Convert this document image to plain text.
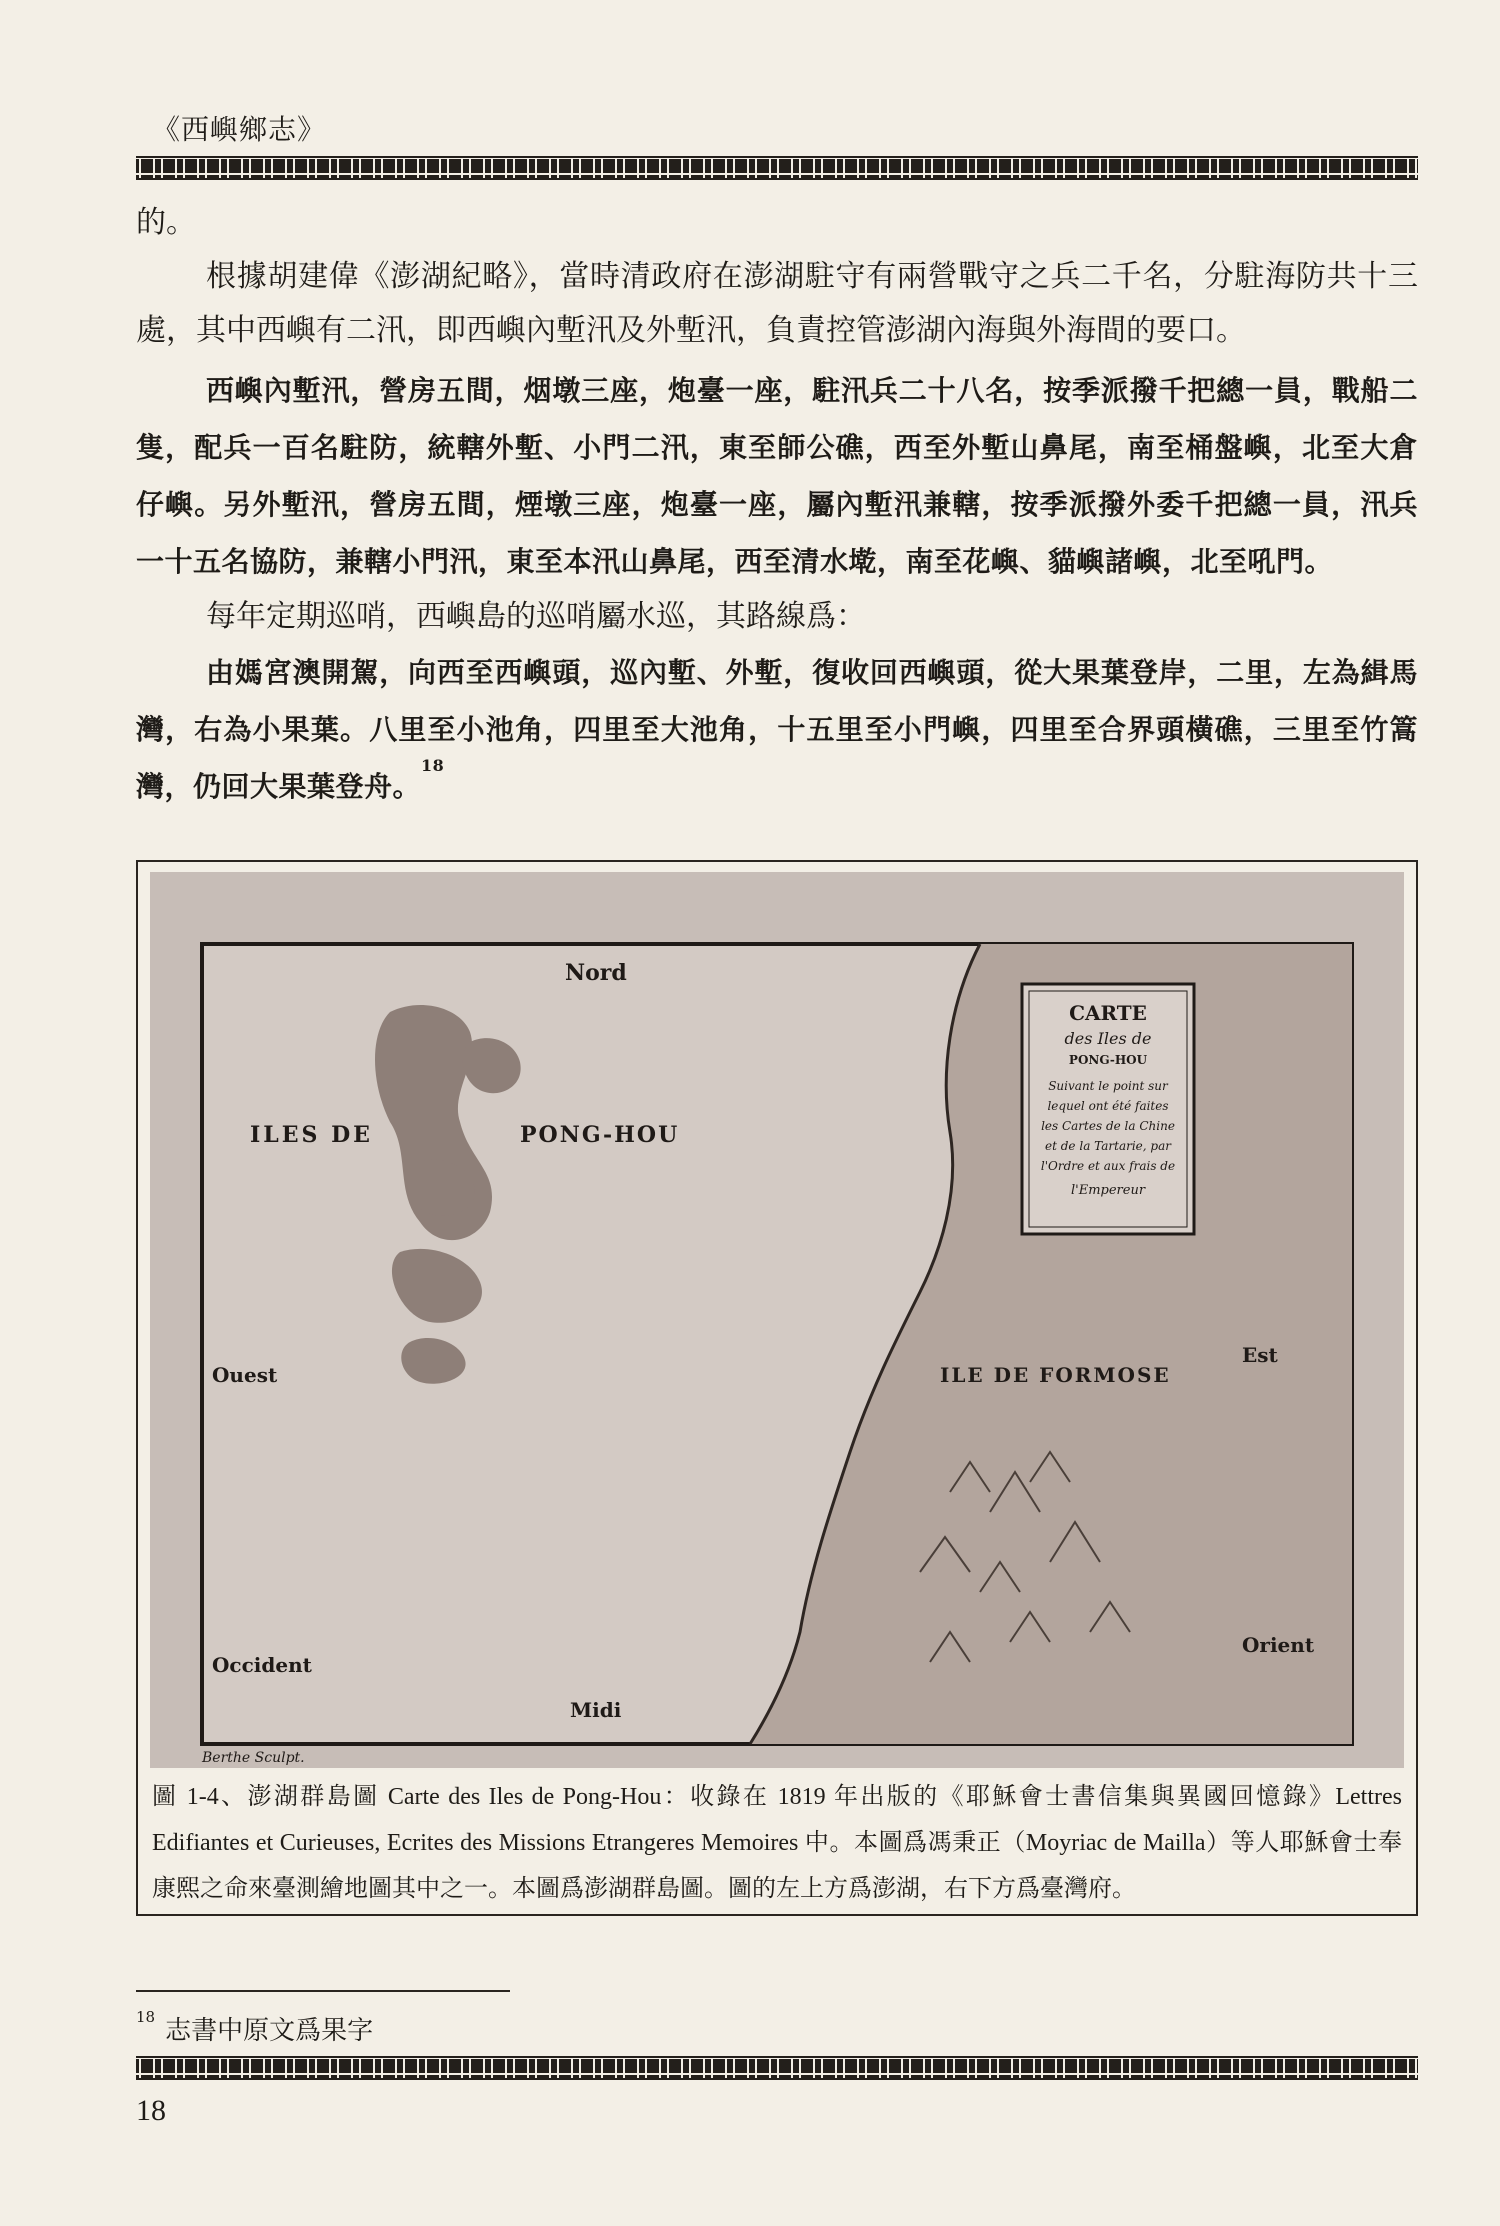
《西嶼鄉志》

的。

根據胡建偉《澎湖紀略》，當時清政府在澎湖駐守有兩營戰守之兵二千名，分駐海防共十三處，其中西嶼有二汛，即西嶼內塹汛及外塹汛，負責控管澎湖內海與外海間的要口。

西嶼內塹汛，營房五間，烟墩三座，炮臺一座，駐汛兵二十八名，按季派撥千把總一員，戰船二隻，配兵一百名駐防，統轄外塹、小門二汛，東至師公礁，西至外塹山鼻尾，南至桶盤嶼，北至大倉仔嶼。另外塹汛，營房五間，煙墩三座，炮臺一座，屬內塹汛兼轄，按季派撥外委千把總一員，汛兵一十五名協防，兼轄小門汛，東至本汛山鼻尾，西至清水墘，南至花嶼、貓嶼諸嶼，北至吼門。

每年定期巡哨，西嶼島的巡哨屬水巡，其路線爲：

由媽宮澳開駕，向西至西嶼頭，巡內塹、外塹，復收回西嶼頭，從大果葉登岸，二里，左為緝馬灣，右為小果葉。八里至小池角，四里至大池角，十五里至小門嶼，四里至合界頭橫礁，三里至竹篙灣，仍回大果葉登舟。$^{18}$

Nord
Est
Ouest
Occident
Orient
Midi
ILES DE	PONG-HOU
ILE DE FORMOSE
Berthe Sculpt.
CARTE
des Iles de
PONG-HOU
Suivant le point sur
lequel ont été faites
les Cartes de la Chine
et de la Tartarie, par
l'Ordre et aux frais de
l'Empereur
圖 1-4、澎湖群島圖 Carte des Iles de Pong-Hou：收錄在 1819 年出版的《耶穌會士書信集與異國回憶錄》Lettres Edifiantes et Curieuses, Ecrites des Missions Etrangeres Memoires 中。本圖爲馮秉正（Moyriac de Mailla）等人耶穌會士奉康熙之命來臺測繪地圖其中之一。本圖爲澎湖群島圖。圖的左上方爲澎湖，右下方爲臺灣府。
$^{18}$ 志書中原文爲果字
18
